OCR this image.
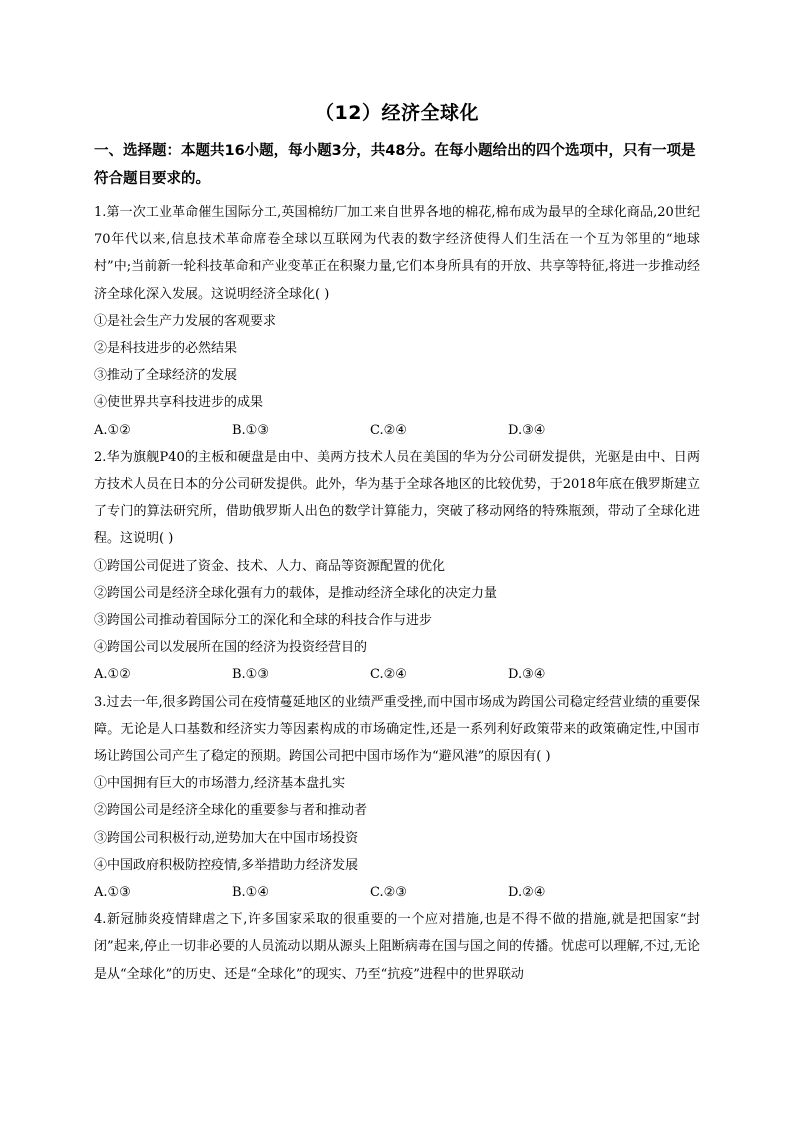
（12）经济全球化
一、选择题：本题共16小题，每小题3分，共48分。在每小题给出的四个选项中，只有一项是符合题目要求的。

1.第一次工业革命催生国际分工,英国棉纺厂加工来自世界各地的棉花,棉布成为最早的全球化商品,20世纪70年代以来,信息技术革命席卷全球以互联网为代表的数字经济使得人们生活在一个互为邻里的“地球村”中;当前新一轮科技革命和产业变革正在积聚力量,它们本身所具有的开放、共享等特征,将进一步推动经济全球化深入发展。这说明经济全球化( )

①是社会生产力发展的客观要求

②是科技进步的必然结果

③推动了全球经济的发展

④使世界共享科技进步的成果

A.①②	B.①③	C.②④	D.③④

2.华为旗舰P40的主板和硬盘是由中、美两方技术人员在美国的华为分公司研发提供，光驱是由中、日两方技术人员在日本的分公司研发提供。此外，华为基于全球各地区的比较优势，于2018年底在俄罗斯建立了专门的算法研究所，借助俄罗斯人出色的数学计算能力，突破了移动网络的特殊瓶颈，带动了全球化进程。这说明( )

①跨国公司促进了资金、技术、人力、商品等资源配置的优化

②跨国公司是经济全球化强有力的载体，是推动经济全球化的决定力量

③跨国公司推动着国际分工的深化和全球的科技合作与进步

④跨国公司以发展所在国的经济为投资经营目的

A.①②	B.①③	C.②④	D.③④

3.过去一年,很多跨国公司在疫情蔓延地区的业绩严重受挫,而中国市场成为跨国公司稳定经营业绩的重要保障。无论是人口基数和经济实力等因素构成的市场确定性,还是一系列利好政策带来的政策确定性,中国市场让跨国公司产生了稳定的预期。跨国公司把中国市场作为“避风港”的原因有( )

①中国拥有巨大的市场潜力,经济基本盘扎实

②跨国公司是经济全球化的重要参与者和推动者

③跨国公司积极行动,逆势加大在中国市场投资

④中国政府积极防控疫情,多举措助力经济发展

A.①③	B.①④	C.②③	D.②④

4.新冠肺炎疫情肆虐之下,许多国家采取的很重要的一个应对措施,也是不得不做的措施,就是把国家“封闭”起来,停止一切非必要的人员流动以期从源头上阻断病毒在国与国之间的传播。忧虑可以理解,不过,无论是从“全球化”的历史、还是“全球化”的现实、乃至“抗疫”进程中的世界联动
